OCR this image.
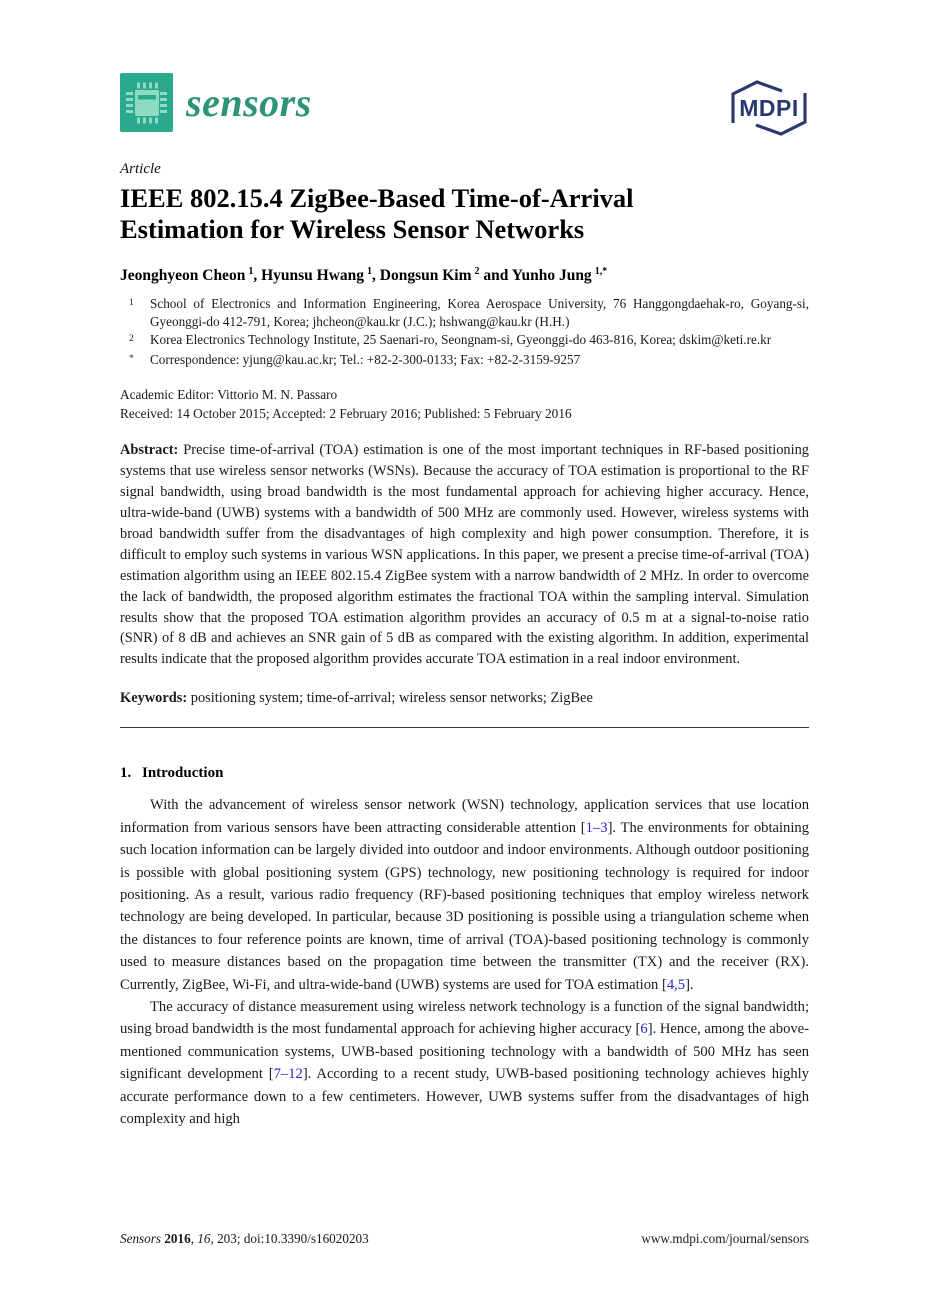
sensors	MDPI
Article
IEEE 802.15.4 ZigBee-Based Time-of-Arrival
Estimation for Wireless Sensor Networks
Jeonghyeon Cheon $^1$, Hyunsu Hwang $^1$, Dongsun Kim $^2$ and Yunho Jung $^{1,*}$
$^1$	School of Electronics and Information Engineering, Korea Aerospace University, 76 Hanggongdaehak-ro, Goyang-si, Gyeonggi-do 412-791, Korea; jhcheon@kau.kr (J.C.); hshwang@kau.kr (H.H.)
$^2$	Korea Electronics Technology Institute, 25 Saenari-ro, Seongnam-si, Gyeonggi-do 463-816, Korea; dskim@keti.re.kr
*	Correspondence: yjung@kau.ac.kr; Tel.: +82-2-300-0133; Fax: +82-2-3159-9257
Academic Editor: Vittorio M. N. Passaro
Received: 14 October 2015; Accepted: 2 February 2016; Published: 5 February 2016

Abstract: Precise time-of-arrival (TOA) estimation is one of the most important techniques in RF-based positioning systems that use wireless sensor networks (WSNs). Because the accuracy of TOA estimation is proportional to the RF signal bandwidth, using broad bandwidth is the most fundamental approach for achieving higher accuracy. Hence, ultra-wide-band (UWB) systems with a bandwidth of 500 MHz are commonly used. However, wireless systems with broad bandwidth suffer from the disadvantages of high complexity and high power consumption. Therefore, it is difficult to employ such systems in various WSN applications. In this paper, we present a precise time-of-arrival (TOA) estimation algorithm using an IEEE 802.15.4 ZigBee system with a narrow bandwidth of 2 MHz. In order to overcome the lack of bandwidth, the proposed algorithm estimates the fractional TOA within the sampling interval. Simulation results show that the proposed TOA estimation algorithm provides an accuracy of 0.5 m at a signal-to-noise ratio (SNR) of 8 dB and achieves an SNR gain of 5 dB as compared with the existing algorithm. In addition, experimental results indicate that the proposed algorithm provides accurate TOA estimation in a real indoor environment.

Keywords: positioning system; time-of-arrival; wireless sensor networks; ZigBee

1. Introduction

With the advancement of wireless sensor network (WSN) technology, application services that use location information from various sensors have been attracting considerable attention [1–3]. The environments for obtaining such location information can be largely divided into outdoor and indoor environments. Although outdoor positioning is possible with global positioning system (GPS) technology, new positioning technology is required for indoor positioning. As a result, various radio frequency (RF)-based positioning techniques that employ wireless network technology are being developed. In particular, because 3D positioning is possible using a triangulation scheme when the distances to four reference points are known, time of arrival (TOA)-based positioning technology is commonly used to measure distances based on the propagation time between the transmitter (TX) and the receiver (RX). Currently, ZigBee, Wi-Fi, and ultra-wide-band (UWB) systems are used for TOA estimation [4,5].

The accuracy of distance measurement using wireless network technology is a function of the signal bandwidth; using broad bandwidth is the most fundamental approach for achieving higher accuracy [6]. Hence, among the above-mentioned communication systems, UWB-based positioning technology with a bandwidth of 500 MHz has seen significant development [7–12]. According to a recent study, UWB-based positioning technology achieves highly accurate performance down to a few centimeters. However, UWB systems suffer from the disadvantages of high complexity and high

Sensors 2016, 16, 203; doi:10.3390/s16020203	www.mdpi.com/journal/sensors
